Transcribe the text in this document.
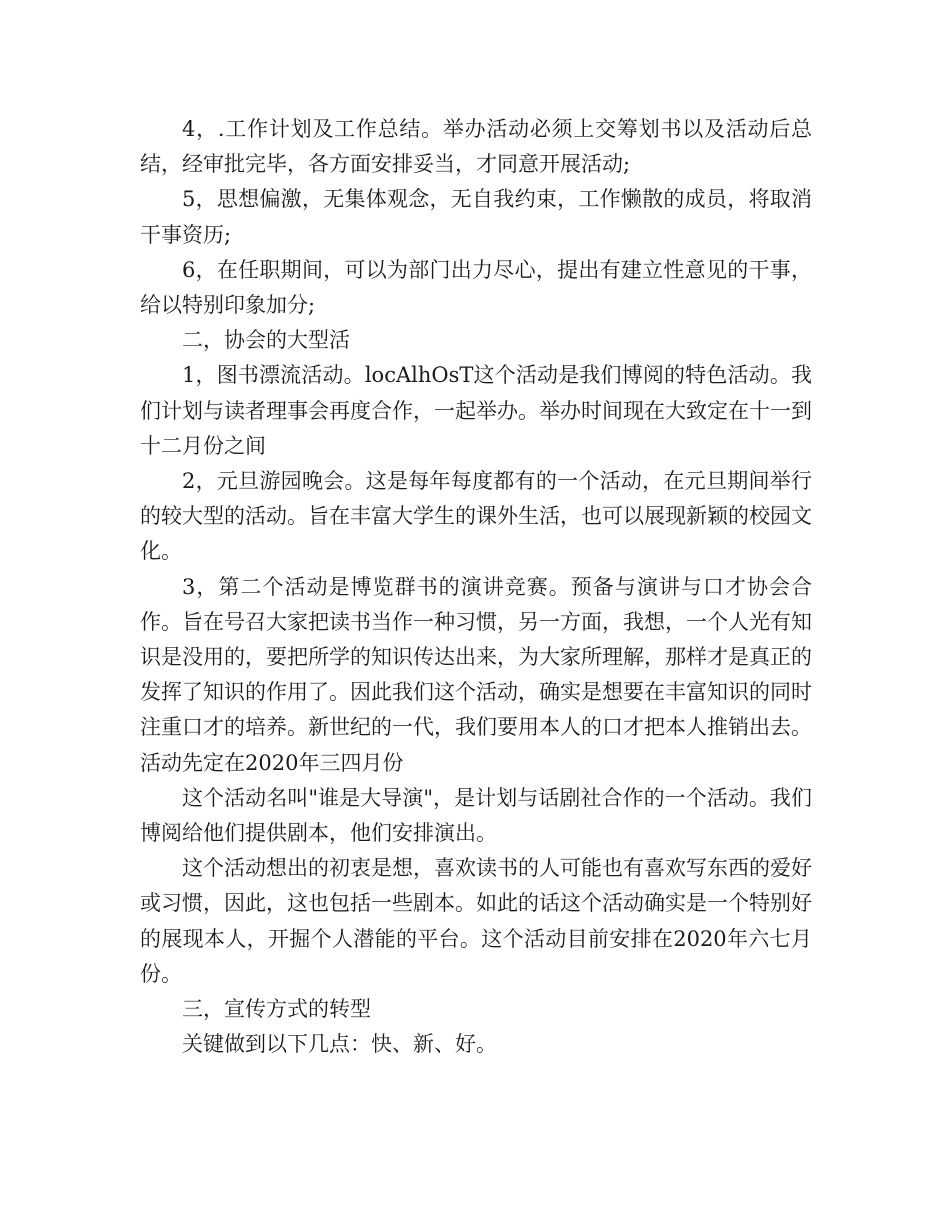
4，.工作计划及工作总结。举办活动必须上交筹划书以及活动后总结，经审批完毕，各方面安排妥当，才同意开展活动;

5，思想偏激，无集体观念，无自我约束，工作懒散的成员，将取消干事资历;

6，在任职期间，可以为部门出力尽心，提出有建立性意见的干事，给以特别印象加分;

二，协会的大型活

1，图书漂流活动。locAlhOsT这个活动是我们博阅的特色活动。我们计划与读者理事会再度合作，一起举办。举办时间现在大致定在十一到十二月份之间

2，元旦游园晚会。这是每年每度都有的一个活动，在元旦期间举行的较大型的活动。旨在丰富大学生的课外生活，也可以展现新颖的校园文化。

3，第二个活动是博览群书的演讲竞赛。预备与演讲与口才协会合作。旨在号召大家把读书当作一种习惯，另一方面，我想，一个人光有知识是没用的，要把所学的知识传达出来，为大家所理解，那样才是真正的发挥了知识的作用了。因此我们这个活动，确实是想要在丰富知识的同时注重口才的培养。新世纪的一代，我们要用本人的口才把本人推销出去。活动先定在2020年三四月份

这个活动名叫"谁是大导演"，是计划与话剧社合作的一个活动。我们博阅给他们提供剧本，他们安排演出。

这个活动想出的初衷是想，喜欢读书的人可能也有喜欢写东西的爱好或习惯，因此，这也包括一些剧本。如此的话这个活动确实是一个特别好的展现本人，开掘个人潜能的平台。这个活动目前安排在2020年六七月份。

三，宣传方式的转型

关键做到以下几点：快、新、好。
